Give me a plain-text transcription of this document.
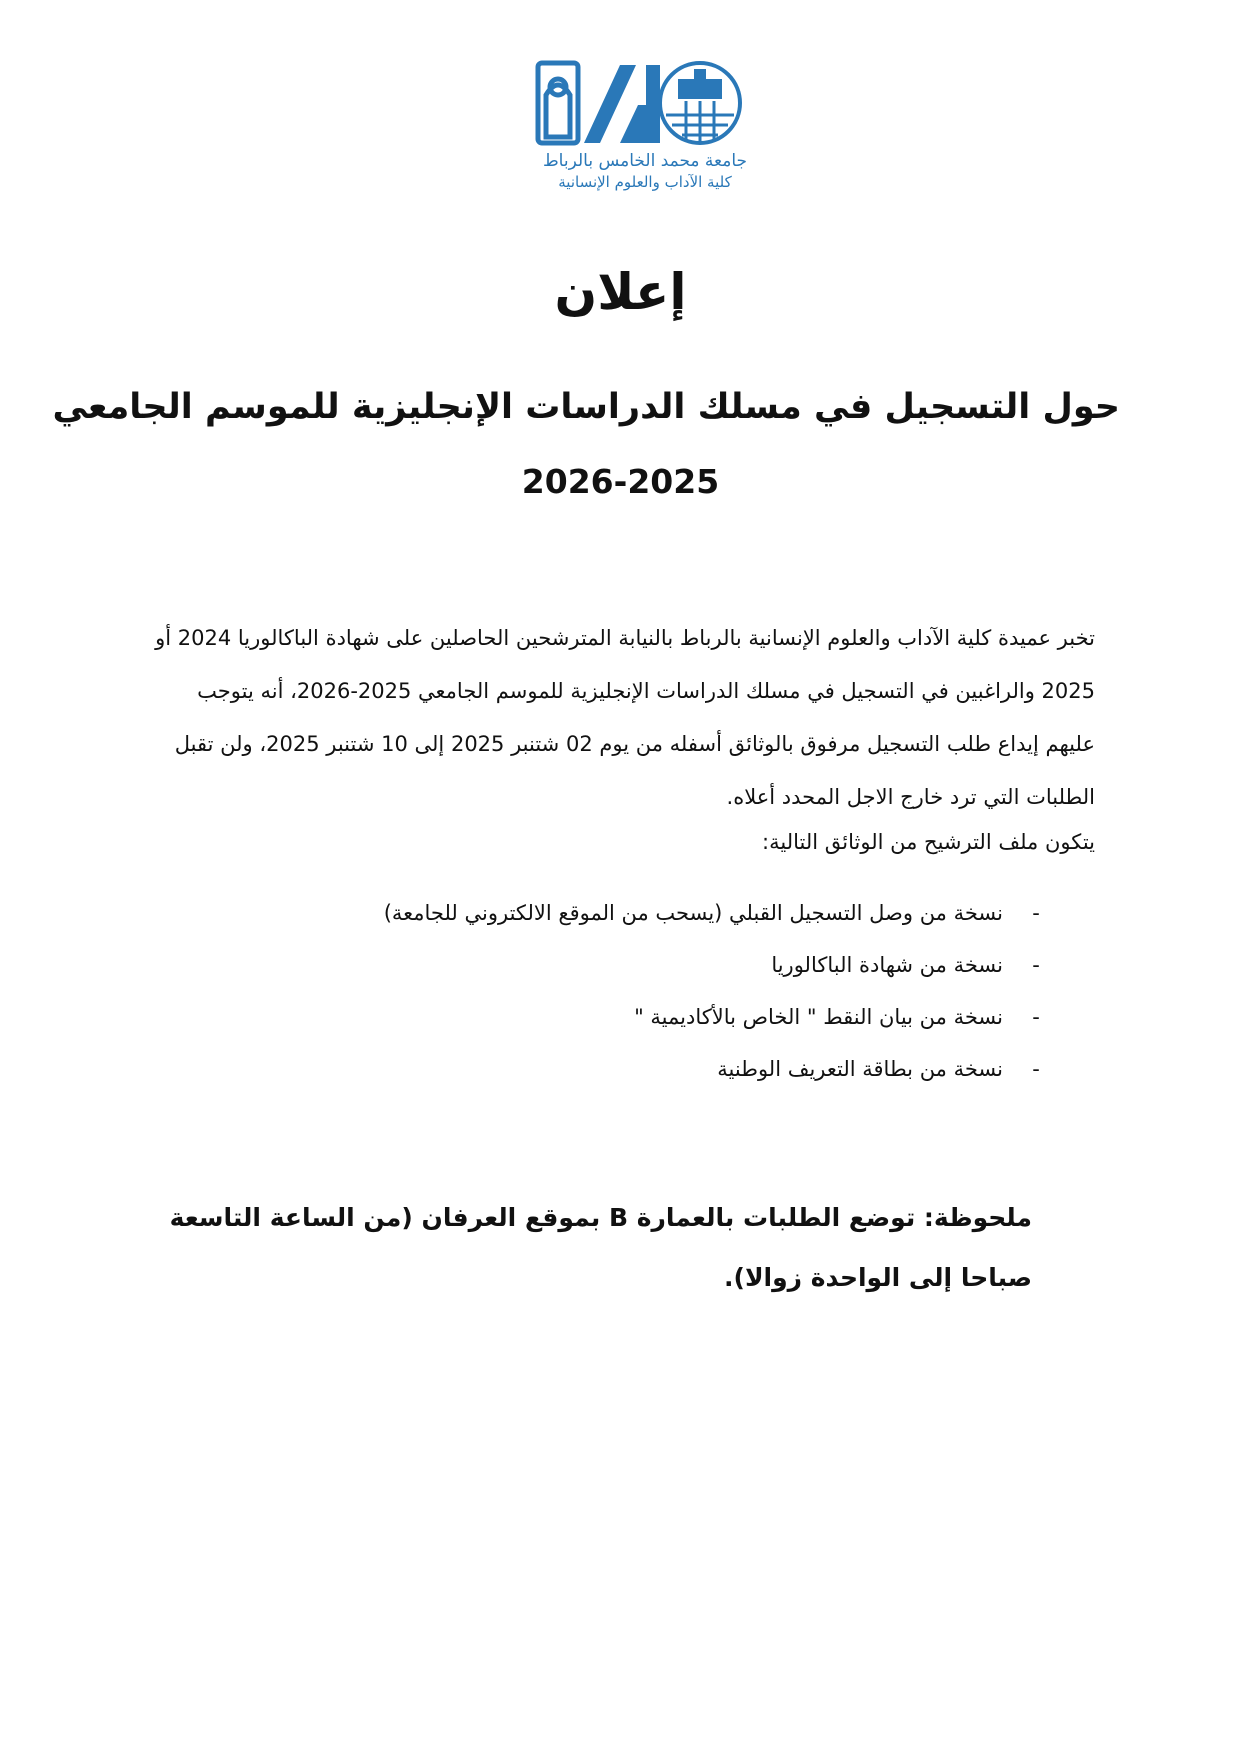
جامعة محمد الخامس بالرباط
كلية الآداب والعلوم الإنسانية
إعلان
حول التسجيل في مسلك الدراسات الإنجليزية للموسم الجامعي
2026-2025
تخبر عميدة كلية الآداب والعلوم الإنسانية بالرباط بالنيابة المترشحين الحاصلين على شهادة الباكالوريا 2024 أو 2025 والراغبين في التسجيل في مسلك الدراسات الإنجليزية للموسم الجامعي 2025-2026، أنه يتوجب عليهم إيداع طلب التسجيل مرفوق بالوثائق أسفله من يوم 02 شتنبر 2025 إلى 10 شتنبر 2025، ولن تقبل الطلبات التي ترد خارج الاجل المحدد أعلاه.
يتكون ملف الترشيح من الوثائق التالية:
-نسخة من وصل التسجيل القبلي (يسحب من الموقع الالكتروني للجامعة)
-نسخة من شهادة الباكالوريا
-نسخة من بيان النقط " الخاص بالأكاديمية "
-نسخة من بطاقة التعريف الوطنية
ملحوظة: توضع الطلبات بالعمارة B بموقع العرفان (من الساعة التاسعة صباحا إلى الواحدة زوالا).
